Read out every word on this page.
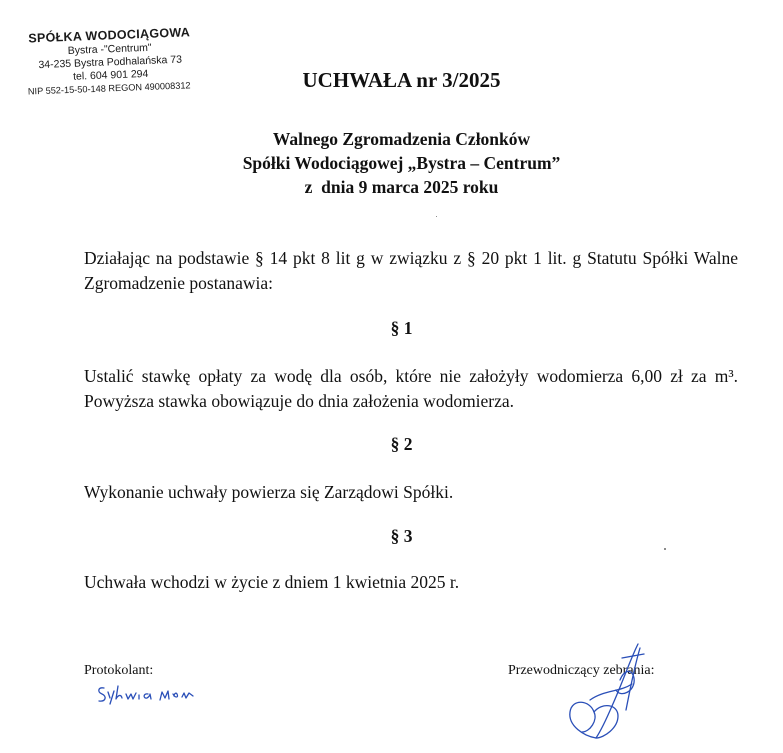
SPÓŁKA WODOCIĄGOWA
Bystra -"Centrum"
34-235 Bystra Podhalańska 73
tel. 604 901 294
NIP 552-15-50-148 REGON 490008312	UCHWAŁA nr 3/2025
Walnego Zgromadzenia Członków
Spółki Wodociągowej „Bystra – Centrum”
z  dnia 9 marca 2025 roku
Działając na podstawie § 14 pkt 8 lit g w związku z § 20 pkt 1 lit. g Statutu Spółki Walne Zgromadzenie postanawia:
§ 1
Ustalić stawkę opłaty za wodę dla osób, które nie założyły wodomierza 6,00 zł za m³. Powyższa stawka obowiązuje do dnia założenia wodomierza.
§ 2
Wykonanie uchwały powierza się Zarządowi Spółki.
§ 3
Uchwała wchodzi w życie z dniem 1 kwietnia 2025 r.
Protokolant:	Przewodniczący zebrania:
